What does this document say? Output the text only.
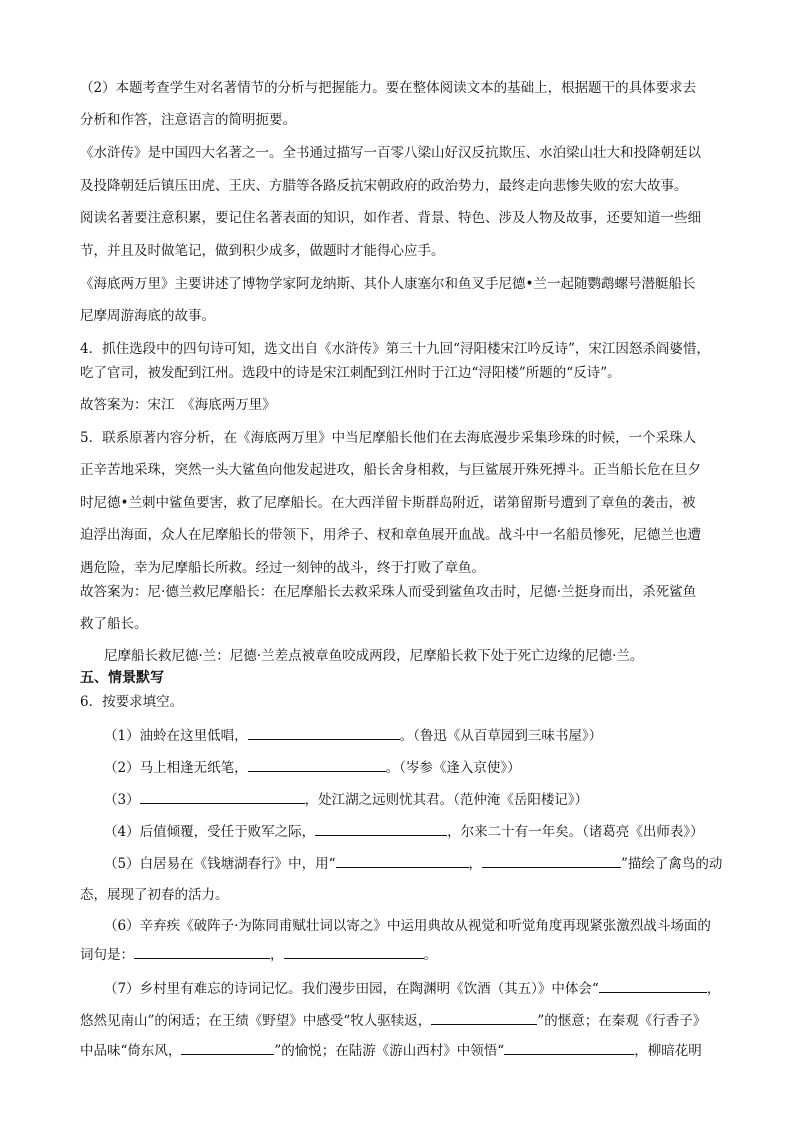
（2）本题考查学生对名著情节的分析与把握能力。要在整体阅读文本的基础上，根据题干的具体要求去
分析和作答，注意语言的简明扼要。
《水浒传》是中国四大名著之一。全书通过描写一百零八梁山好汉反抗欺压、水泊梁山壮大和投降朝廷以
及投降朝廷后镇压田虎、王庆、方腊等各路反抗宋朝政府的政治势力，最终走向悲惨失败的宏大故事。
阅读名著要注意积累，要记住名著表面的知识，如作者、背景、特色、涉及人物及故事，还要知道一些细
节，并且及时做笔记，做到积少成多，做题时才能得心应手。
《海底两万里》主要讲述了博物学家阿龙纳斯、其仆人康塞尔和鱼叉手尼德•兰一起随鹦鹉螺号潜艇船长
尼摩周游海底的故事。
4．抓住选段中的四句诗可知，选文出自《水浒传》第三十九回“浔阳楼宋江吟反诗”，宋江因怒杀阎婆惜，
吃了官司，被发配到江州。选段中的诗是宋江刺配到江州时于江边“浔阳楼”所题的“反诗”。
故答案为：宋江　《海底两万里》
5．联系原著内容分析，在《海底两万里》中当尼摩船长他们在去海底漫步采集珍珠的时候，一个采珠人
正辛苦地采珠，突然一头大鲨鱼向他发起进攻，船长舍身相救，与巨鲨展开殊死搏斗。正当船长危在旦夕
时尼德•兰刺中鲨鱼要害，救了尼摩船长。在大西洋留卡斯群岛附近，诺第留斯号遭到了章鱼的袭击，被
迫浮出海面，众人在尼摩船长的带领下，用斧子、杈和章鱼展开血战。战斗中一名船员惨死，尼德兰也遭
遇危险，幸为尼摩船长所救。经过一刻钟的战斗，终于打败了章鱼。
故答案为：尼·德兰救尼摩船长：在尼摩船长去救采珠人而受到鲨鱼攻击时，尼德·兰挺身而出，杀死鲨鱼
救了船长。
尼摩船长救尼德·兰：尼德·兰差点被章鱼咬成两段，尼摩船长救下处于死亡边缘的尼德·兰。
五、情景默写
6．按要求填空。
（1）油蛉在这里低唱，	。（鲁迅《从百草园到三味书屋》）
（2）马上相逢无纸笔，	。（岑参《逢入京使》）
（3）	，处江湖之远则忧其君。（范仲淹《岳阳楼记》）
（4）后值倾覆，受任于败军之际，	，尔来二十有一年矣。（诸葛亮《出师表》）
（5）白居易在《钱塘湖春行》中，用“	，	”描绘了禽鸟的动
态，展现了初春的活力。
（6）辛弃疾《破阵子·为陈同甫赋壮词以寄之》中运用典故从视觉和听觉角度再现紧张激烈战斗场面的
词句是：	，	。
（7）乡村里有难忘的诗词记忆。我们漫步田园，在陶渊明《饮酒（其五）》中体会“	，
悠然见南山”的闲适；在王绩《野望》中感受“牧人驱犊返，	”的惬意；在秦观《行香子》
中品味“倚东风，	”的愉悦；在陆游《游山西村》中领悟“	，柳暗花明
